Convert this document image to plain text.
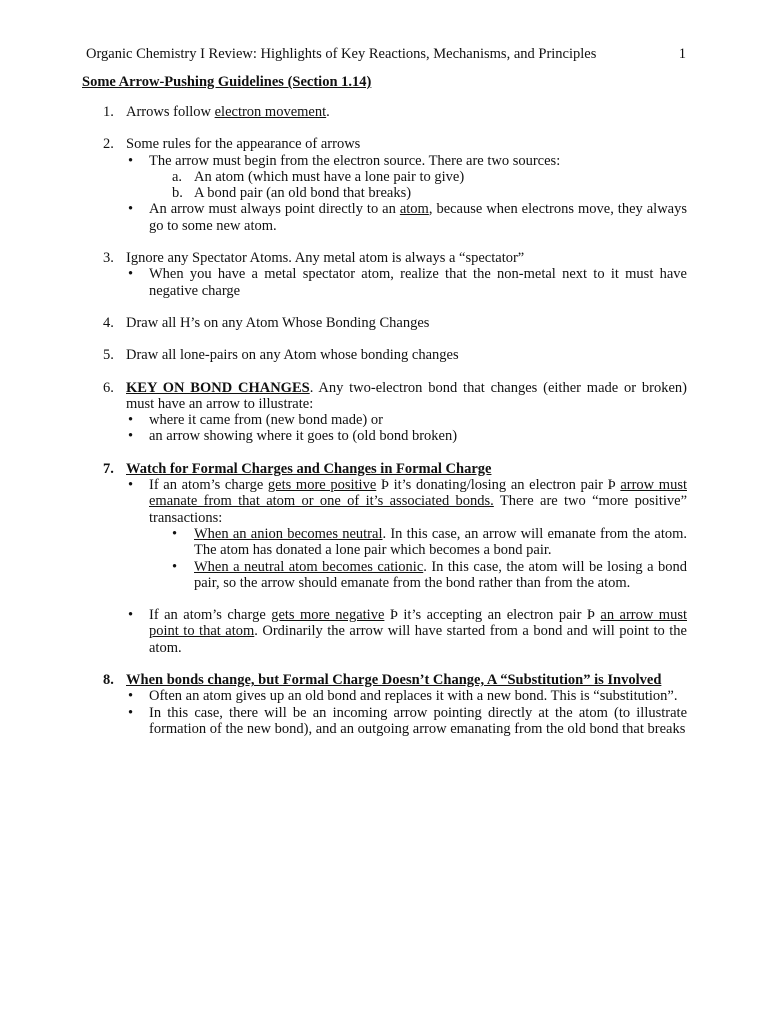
Organic Chemistry I Review: Highlights of Key Reactions, Mechanisms, and Principles	1
Some Arrow-Pushing Guidelines (Section 1.14)
1. Arrows follow electron movement.
2. Some rules for the appearance of arrows
• The arrow must begin from the electron source. There are two sources:
a. An atom (which must have a lone pair to give)
b. A bond pair (an old bond that breaks)
• An arrow must always point directly to an atom, because when electrons move, they always go to some new atom.
3. Ignore any Spectator Atoms. Any metal atom is always a “spectator”
• When you have a metal spectator atom, realize that the non-metal next to it must have negative charge
4. Draw all H’s on any Atom Whose Bonding Changes
5. Draw all lone-pairs on any Atom whose bonding changes
6. KEY ON BOND CHANGES. Any two-electron bond that changes (either made or broken) must have an arrow to illustrate:
• where it came from (new bond made) or
• an arrow showing where it goes to (old bond broken)
7. Watch for Formal Charges and Changes in Formal Charge
• If an atom’s charge gets more positive Þ it’s donating/losing an electron pair Þ arrow must emanate from that atom or one of it’s associated bonds. There are two “more positive” transactions:
• When an anion becomes neutral. In this case, an arrow will emanate from the atom. The atom has donated a lone pair which becomes a bond pair.
• When a neutral atom becomes cationic. In this case, the atom will be losing a bond pair, so the arrow should emanate from the bond rather than from the atom.
• If an atom’s charge gets more negative Þ it’s accepting an electron pair Þ an arrow must point to that atom. Ordinarily the arrow will have started from a bond and will point to the atom.
8. When bonds change, but Formal Charge Doesn’t Change, A “Substitution” is Involved
• Often an atom gives up an old bond and replaces it with a new bond. This is “substitution”.
• In this case, there will be an incoming arrow pointing directly at the atom (to illustrate formation of the new bond), and an outgoing arrow emanating from the old bond that breaks
